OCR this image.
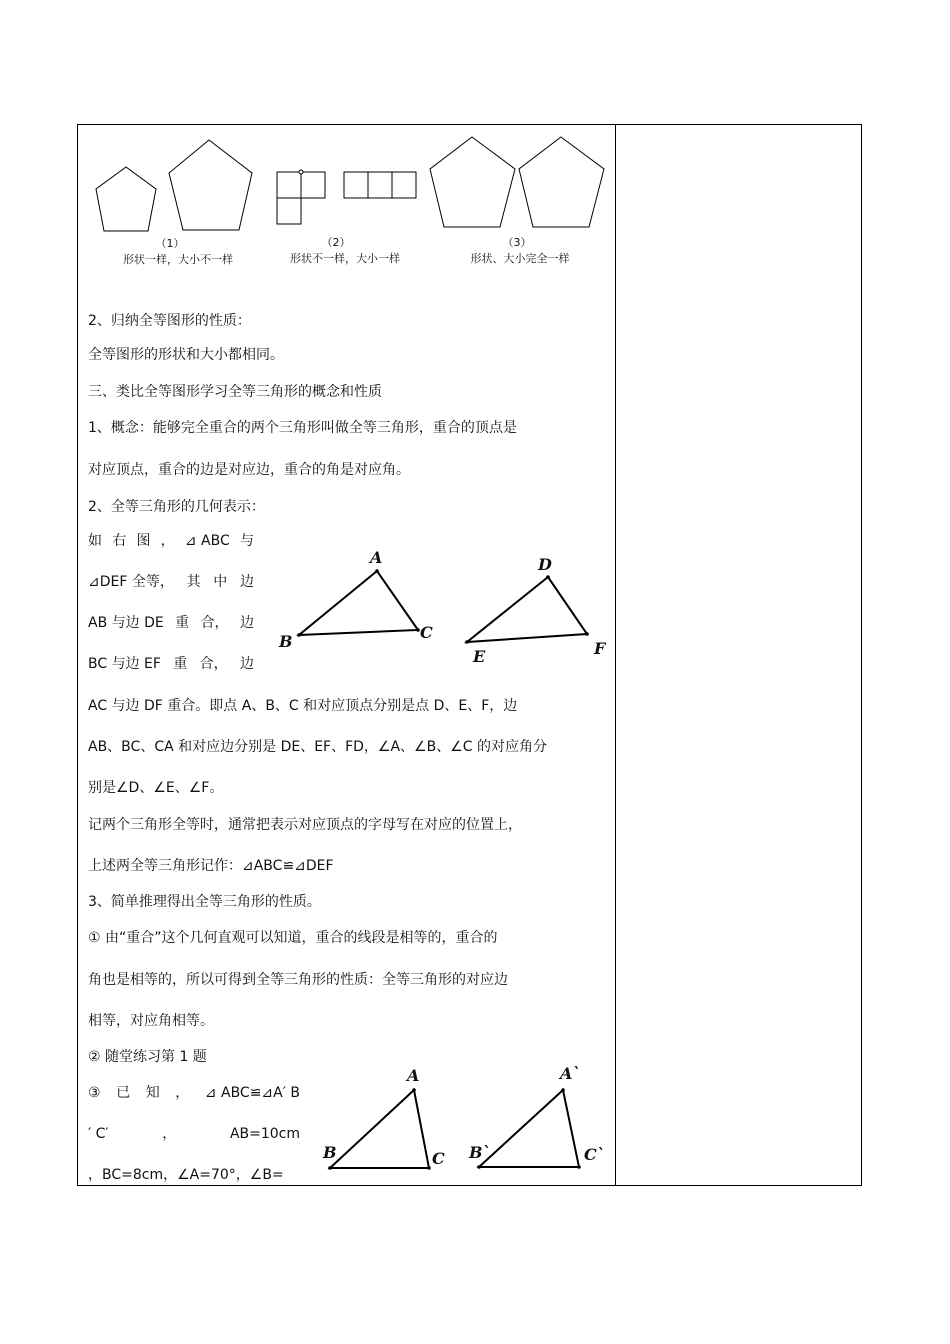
（1）
形状一样，大小不一样
（2）
形状不一样，大小一样
（3）
形状、大小完全一样
2、归纳全等图形的性质：
全等图形的形状和大小都相同。
三、类比全等图形学习全等三角形的概念和性质
1、概念：能够完全重合的两个三角形叫做全等三角形，重合的顶点是
对应顶点，重合的边是对应边，重合的角是对应角。
2、全等三角形的几何表示：
如 右 图 ， ⊿ ABC 与
⊿DEF 全等， 其 中 边
AB 与边 DE 重 合， 边
BC 与边 EF 重 合， 边
AC 与边 DF 重合。即点 A、B、C 和对应顶点分别是点 D、E、F，边
AB、BC、CA 和对应边分别是 DE、EF、FD，∠A、∠B、∠C 的对应角分
别是∠D、∠E、∠F。
记两个三角形全等时，通常把表示对应顶点的字母写在对应的位置上，
上述两全等三角形记作：⊿ABC≌⊿DEF
3、简单推理得出全等三角形的性质。
① 由“重合”这个几何直观可以知道，重合的线段是相等的，重合的
角也是相等的，所以可得到全等三角形的性质：全等三角形的对应边
相等，对应角相等。
② 随堂练习第 1 题
③ 已 知 ， ⊿ ABC≌⊿A′ B
′ C′	，	AB=10cm
，BC=8cm，∠A=70°，∠B=
A
B	C
D
E	F
A
B	C
A`
B`	C`
